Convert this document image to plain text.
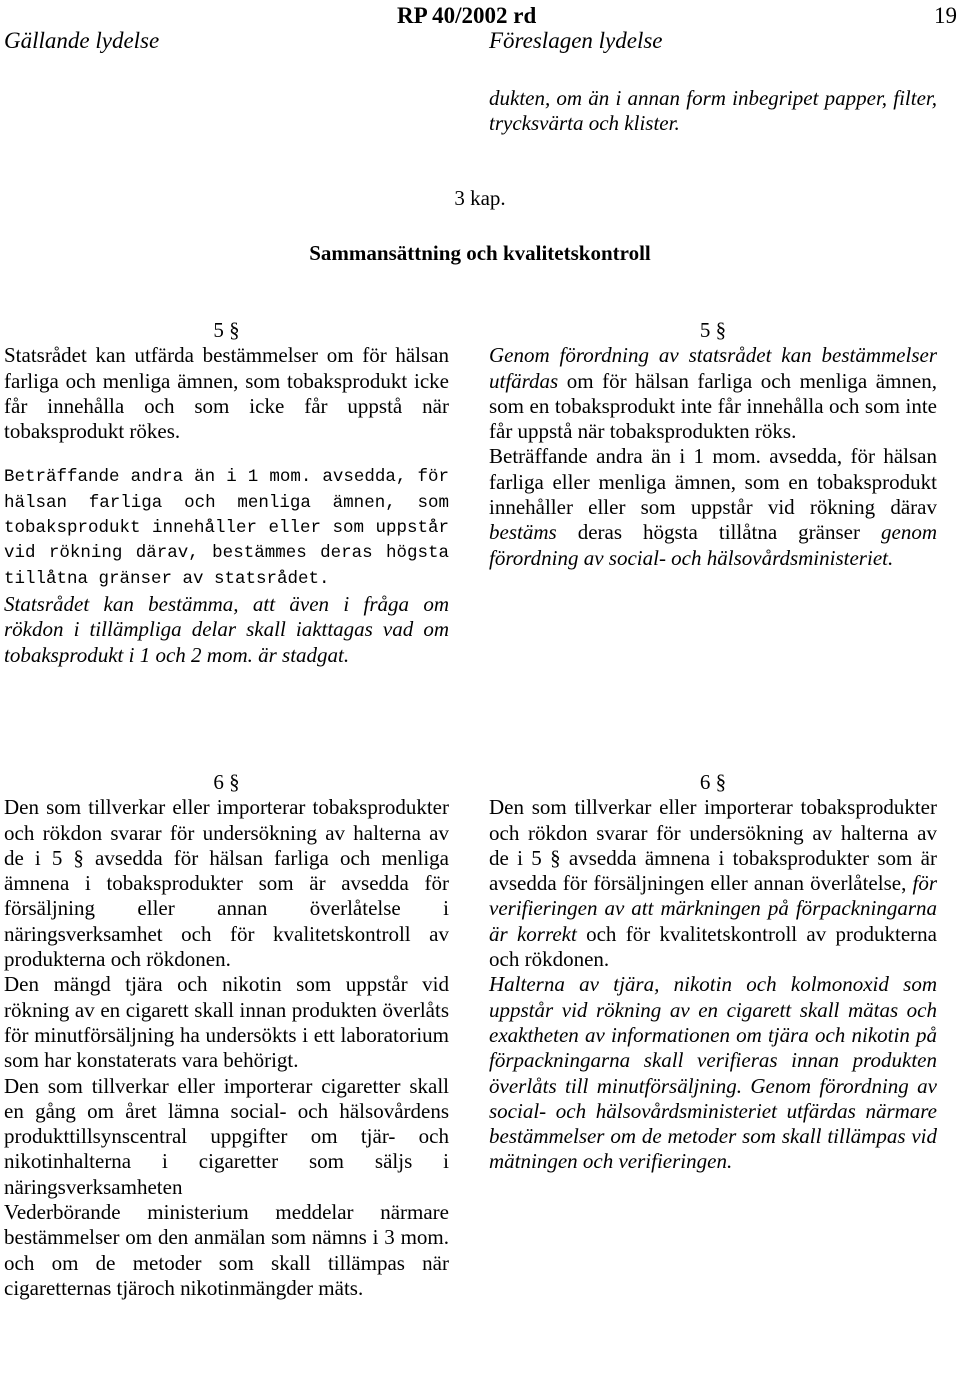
RP 40/2002 rd	19
Gällande lydelse	Föreslagen lydelse

dukten, om än i annan form inbegripet papper, filter, trycksvärta och klister.

3 kap.
Sammansättning och kvalitetskontroll

5 §

Statsrådet kan utfärda bestämmelser om för hälsan farliga och menliga ämnen, som tobaksprodukt icke får innehålla och som icke får uppstå när tobaksprodukt rökes.

Beträffande andra än i 1 mom. avsedda, för hälsan farliga och menliga ämnen, som tobaksprodukt innehåller eller som uppstår vid rökning därav, bestämmes deras högsta tillåtna gränser av statsrådet.

Statsrådet kan bestämma, att även i fråga om rökdon i tillämpliga delar skall iakttagas vad om tobaksprodukt i 1 och 2 mom. är stadgat.

5 §

Genom förordning av statsrådet kan bestämmelser utfärdas om för hälsan farliga och menliga ämnen, som en tobaksprodukt inte får innehålla och som inte får uppstå när tobaksprodukten röks.

Beträffande andra än i 1 mom. avsedda, för hälsan farliga eller menliga ämnen, som en tobaksprodukt innehåller eller som uppstår vid rökning därav bestäms deras högsta tillåtna gränser genom förordning av social- och hälsovårdsministeriet.

6 §

Den som tillverkar eller importerar tobaksprodukter och rökdon svarar för undersökning av halterna av de i 5 § avsedda för hälsan farliga och menliga ämnena i tobaksprodukter som är avsedda för försäljning eller annan överlåtelse i näringsverksamhet och för kvalitetskontroll av produkterna och rökdonen.

Den mängd tjära och nikotin som uppstår vid rökning av en cigarett skall innan produkten överlåts för minutförsäljning ha undersökts i ett laboratorium som har konstaterats vara behörigt.

Den som tillverkar eller importerar cigaretter skall en gång om året lämna social- och hälsovårdens produkttillsynscentral uppgifter om tjär- och nikotinhalterna i cigaretter som säljs i näringsverksamheten

Vederbörande ministerium meddelar närmare bestämmelser om den anmälan som nämns i 3 mom. och om de metoder som skall tillämpas när cigaretternas tjäroch nikotinmängder mäts.

6 §

Den som tillverkar eller importerar tobaksprodukter och rökdon svarar för undersökning av halterna av de i 5 § avsedda ämnena i tobaksprodukter som är avsedda för försäljningen eller annan överlåtelse, för verifieringen av att märkningen på förpackningarna är korrekt och för kvalitetskontroll av produkterna och rökdonen.

Halterna av tjära, nikotin och kolmonoxid som uppstår vid rökning av en cigarett skall mätas och exaktheten av informationen om tjära och nikotin på förpackningarna skall verifieras innan produkten överlåts till minutförsäljning. Genom förordning av social- och hälsovårdsministeriet utfärdas närmare bestämmelser om de metoder som skall tillämpas vid mätningen och verifieringen.
